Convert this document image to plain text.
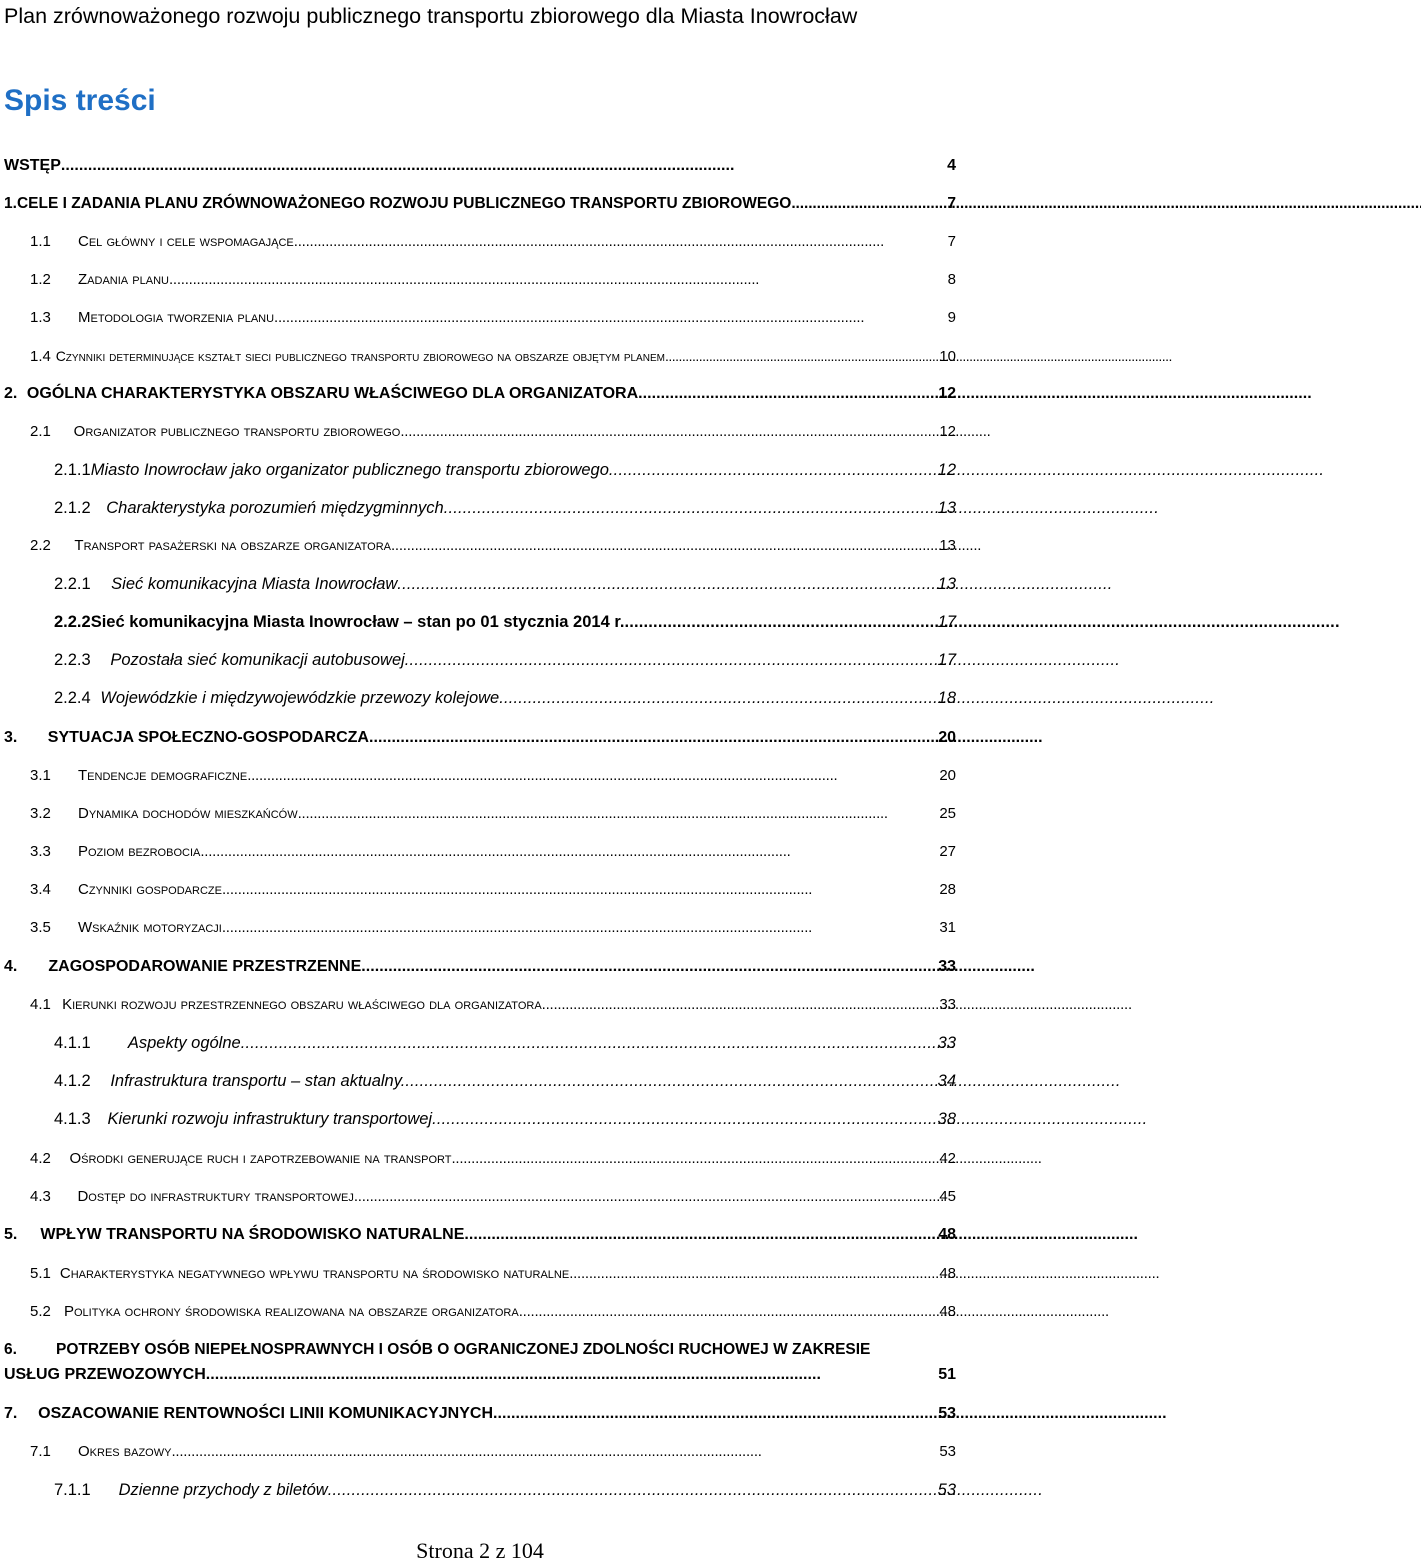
Plan zrównoważonego rozwoju publicznego transportu zbiorowego dla Miasta Inowrocław
Spis treści
WSTĘP . . .	4
1. CELE I ZADANIA PLANU ZRÓWNOWAŻONEGO ROZWOJU PUBLICZNEGO TRANSPORTU ZBIOROWEGO . . .	7
1.1	Cel główny i cele wspomagające . . .	7
1.2	Zadania planu . . .	8
1.3	Metodologia tworzenia planu . . .	9
1.4 Czynniki determinujące kształt sieci publicznego transportu zbiorowego na obszarze objętym planem . . .	10
2. OGÓLNA CHARAKTERYSTYKA OBSZARU WŁAŚCIWEGO DLA ORGANIZATORA . . .	12
2.1	Organizator publicznego transportu zbiorowego . . .	12
2.1.1 Miasto Inowrocław jako organizator publicznego transportu zbiorowego . . .	12
2.1.2 Charakterystyka porozumień międzygminnych . . .	13
2.2	Transport pasażerski na obszarze organizatora . . .	13
2.2.1	Sieć komunikacyjna Miasta Inowrocław . . .	13
2.2.2 Sieć komunikacyjna Miasta Inowrocław – stan po 01 stycznia 2014 r. . . .	17
2.2.3	Pozostała sieć komunikacji autobusowej . . .	17
2.2.4 Wojewódzkie i międzywojewódzkie przewozy kolejowe . . .	18
3.	SYTUACJA SPOŁECZNO-GOSPODARCZA . . .	20
3.1	Tendencje demograficzne . . .	20
3.2	Dynamika dochodów mieszkańców . . .	25
3.3	Poziom bezrobocia . . .	27
3.4	Czynniki gospodarcze . . .	28
3.5	Wskaźnik motoryzacji . . .	31
4.	ZAGOSPODAROWANIE PRZESTRZENNE . . .	33
4.1 Kierunki rozwoju przestrzennego obszaru właściwego dla organizatora . . .	33
4.1.1	Aspekty ogólne . . .	33
4.1.2	Infrastruktura transportu – stan aktualny. . . .	34
4.1.3	Kierunki rozwoju infrastruktury transportowej . . .	38
4.2	Ośrodki generujące ruch i zapotrzebowanie na transport . . .	42
4.3	Dostęp do infrastruktury transportowej . . .	45
5.	WPŁYW TRANSPORTU NA ŚRODOWISKO NATURALNE . . .	48
5.1 Charakterystyka negatywnego wpływu transportu na środowisko naturalne . . .	48
5.2 Polityka ochrony środowiska realizowana na obszarze organizatora . . .	48
6.	POTRZEBY OSÓB NIEPEŁNOSPRAWNYCH I OSÓB O OGRANICZONEJ ZDOLNOŚCI RUCHOWEJ W ZAKRESIE
USŁUG PRZEWOZOWYCH . . .	51
7.	OSZACOWANIE RENTOWNOŚCI LINII KOMUNIKACYJNYCH . . .	53
7.1	Okres bazowy . . .	53
7.1.1	Dzienne przychody z biletów . . .	53
Strona 2 z 104
